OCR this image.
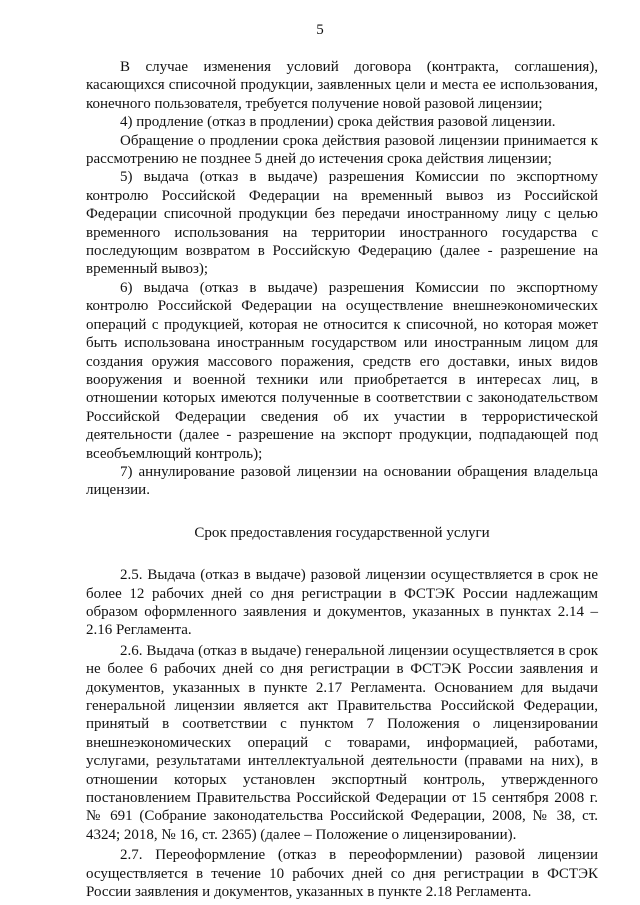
5

В случае изменения условий договора (контракта, соглашения), касающихся списочной продукции, заявленных цели и места ее использования, конечного пользователя, требуется получение новой разовой лицензии;

4) продление (отказ в продлении) срока действия разовой лицензии.

Обращение о продлении срока действия разовой лицензии принимается к рассмотрению не позднее 5 дней до истечения срока действия лицензии;

5) выдача (отказ в выдаче) разрешения Комиссии по экспортному контролю Российской Федерации на временный вывоз из Российской Федерации списочной продукции без передачи иностранному лицу с целью временного использования на территории иностранного государства с последующим возвратом в Российскую Федерацию (далее - разрешение на временный вывоз);

6) выдача (отказ в выдаче) разрешения Комиссии по экспортному контролю Российской Федерации на осуществление внешнеэкономических операций с продукцией, которая не относится к списочной, но которая может быть использована иностранным государством или иностранным лицом для создания оружия массового поражения, средств его доставки, иных видов вооружения и военной техники или приобретается в интересах лиц, в отношении которых имеются полученные в соответствии с законодательством Российской Федерации сведения об их участии в террористической деятельности (далее - разрешение на экспорт продукции, подпадающей под всеобъемлющий контроль);

7) аннулирование разовой лицензии на основании обращения владельца лицензии.

Срок предоставления государственной услуги

2.5. Выдача (отказ в выдаче) разовой лицензии осуществляется в срок не более 12 рабочих дней со дня регистрации в ФСТЭК России надлежащим образом оформленного заявления и документов, указанных в пунктах 2.14 – 2.16 Регламента.

2.6. Выдача (отказ в выдаче) генеральной лицензии осуществляется в срок не более 6 рабочих дней со дня регистрации в ФСТЭК России заявления и документов, указанных в пункте 2.17 Регламента. Основанием для выдачи генеральной лицензии является акт Правительства Российской Федерации, принятый в соответствии с пунктом 7 Положения о лицензировании внешнеэкономических операций с товарами, информацией, работами, услугами, результатами интеллектуальной деятельности (правами на них), в отношении которых установлен экспортный контроль, утвержденного постановлением Правительства Российской Федерации от 15 сентября 2008 г. № 691 (Собрание законодательства Российской Федерации, 2008, № 38, ст. 4324; 2018, № 16, ст. 2365) (далее – Положение о лицензировании).

2.7. Переоформление (отказ в переоформлении) разовой лицензии осуществляется в течение 10 рабочих дней со дня регистрации в ФСТЭК России заявления и документов, указанных в пункте 2.18 Регламента.
